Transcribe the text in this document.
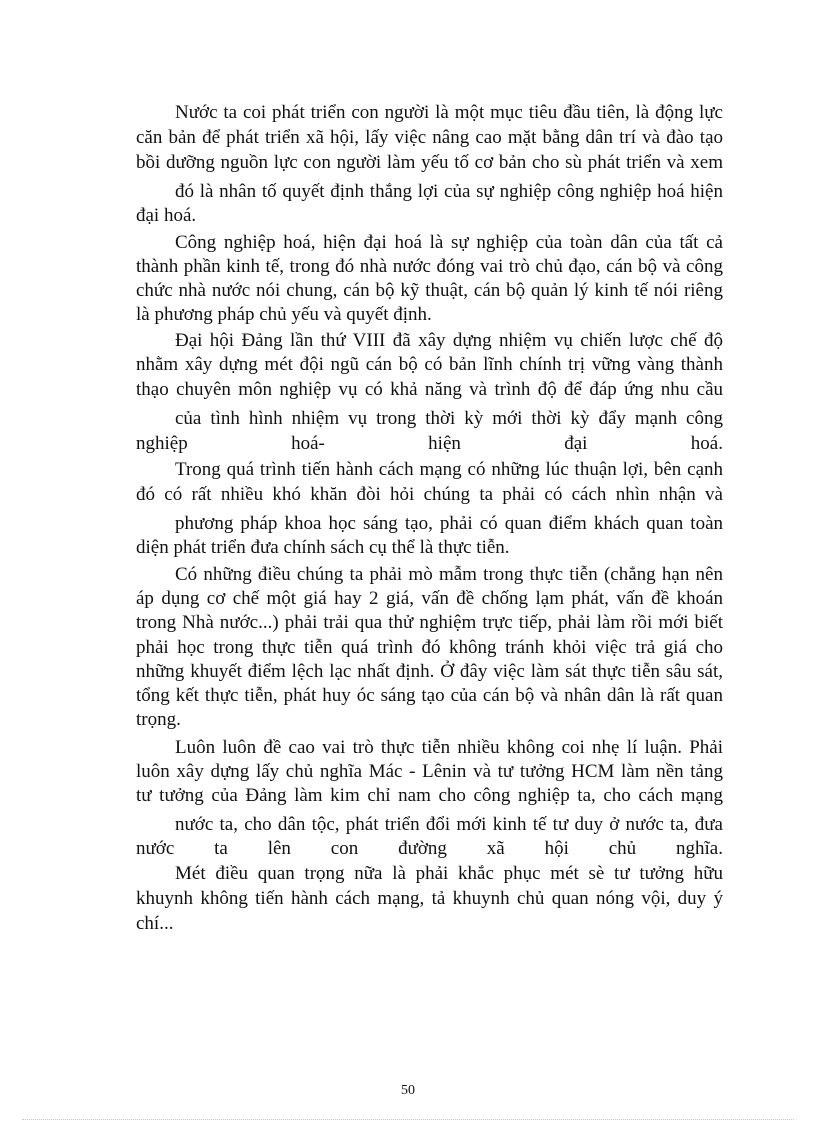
Nước ta coi phát triển con người là một mục tiêu đầu tiên, là động lực
căn bản để phát triển xã hội, lấy việc nâng cao mặt bằng dân trí và đào tạo
bồi dưỡng nguồn lực con người làm yếu tố cơ bản cho sù phát triển và xem
đó là nhân tố quyết định thắng lợi của sự nghiệp công nghiệp hoá hiện
đại hoá.
Công nghiệp hoá, hiện đại hoá là sự nghiệp của toàn dân của tất cả
thành phần kinh tế, trong đó nhà nước đóng vai trò chủ đạo, cán bộ và công
chức nhà nước nói chung, cán bộ kỹ thuật, cán bộ quản lý kinh tế nói riêng
là phương pháp chủ yếu và quyết định.
Đại hội Đảng lần thứ VIII đã xây dựng nhiệm vụ chiến lược chế độ
nhằm xây dựng mét đội ngũ cán bộ có bản lĩnh chính trị vững vàng thành
thạo chuyên môn nghiệp vụ có khả năng và trình độ để đáp ứng nhu cầu
của tình hình nhiệm vụ trong thời kỳ mới thời kỳ đẩy mạnh công
nghiệp hoá- hiện đại hoá.
Trong quá trình tiến hành cách mạng có những lúc thuận lợi, bên cạnh
đó có rất nhiều khó khăn đòi hỏi chúng ta phải có cách nhìn nhận và
phương pháp khoa học sáng tạo, phải có quan điểm khách quan toàn
diện phát triển đưa chính sách cụ thể là thực tiễn.
Có những điều chúng ta phải mò mẫm trong thực tiễn (chẳng hạn nên
áp dụng cơ chế một giá hay 2 giá, vấn đề chống lạm phát, vấn đề khoán
trong Nhà nước...) phải trải qua thử nghiệm trực tiếp, phải làm rồi mới biết
phải học trong thực tiễn quá trình đó không tránh khỏi việc trả giá cho
những khuyết điểm lệch lạc nhất định. Ở đây việc làm sát thực tiễn sâu sát,
tổng kết thực tiễn, phát huy óc sáng tạo của cán bộ và nhân dân là rất quan
trọng.
Luôn luôn đề cao vai trò thực tiễn nhiều không coi nhẹ lí luận. Phải
luôn xây dựng lấy chủ nghĩa Mác - Lênin và tư tưởng HCM làm nền tảng
tư tưởng của Đảng làm kim chỉ nam cho công nghiệp ta, cho cách mạng
nước ta, cho dân tộc, phát triển đổi mới kinh tế tư duy ở nước ta, đưa
nước ta lên con đường xã hội chủ nghĩa.
Mét điều quan trọng nữa là phải khắc phục mét sè tư tưởng hữu
khuynh không tiến hành cách mạng, tả khuynh chủ quan nóng vội, duy ý
chí...
50
